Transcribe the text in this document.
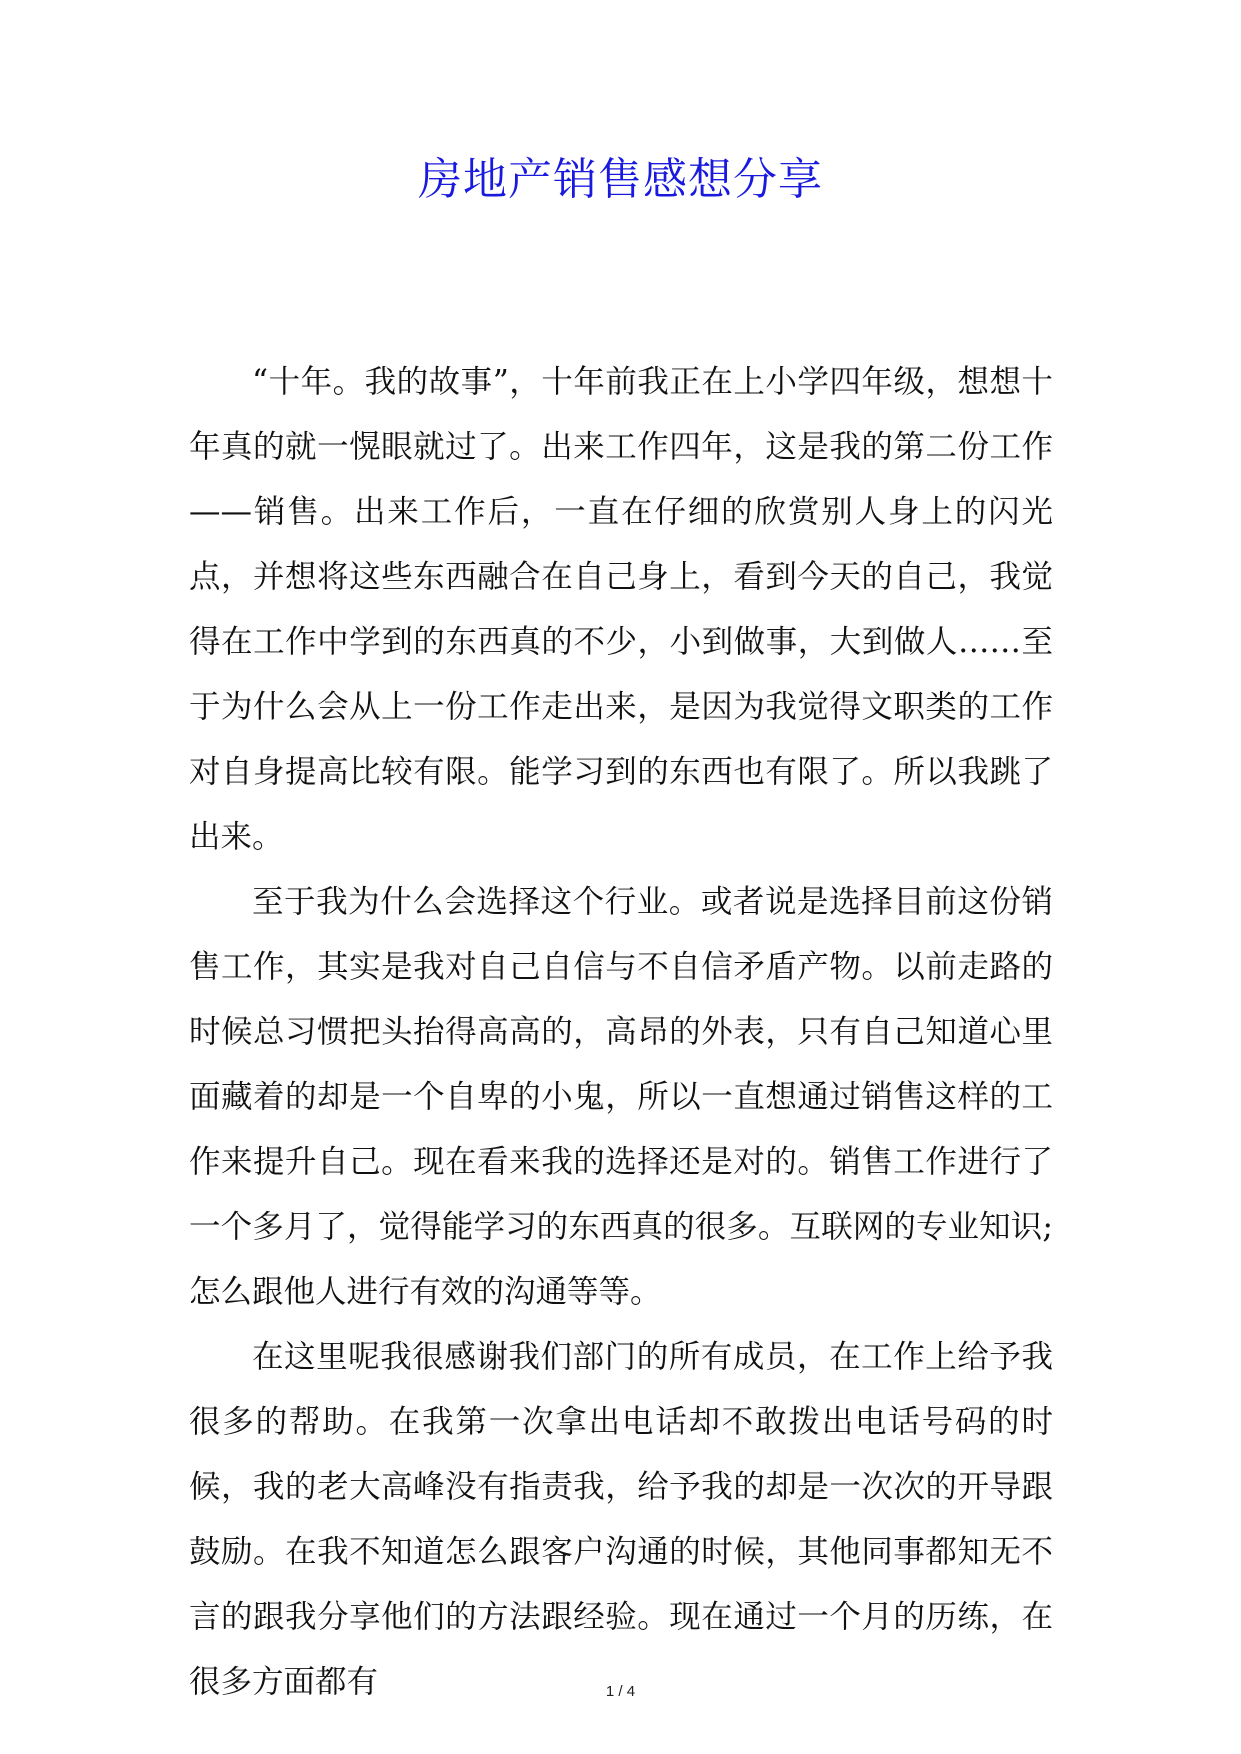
房地产销售感想分享

“十年。我的故事”，十年前我正在上小学四年级，想想十年真的就一愰眼就过了。出来工作四年，这是我的第二份工作——销售。出来工作后，一直在仔细的欣赏别人身上的闪光点，并想将这些东西融合在自己身上，看到今天的自己，我觉得在工作中学到的东西真的不少，小到做事，大到做人……至于为什么会从上一份工作走出来，是因为我觉得文职类的工作对自身提高比较有限。能学习到的东西也有限了。所以我跳了出来。

至于我为什么会选择这个行业。或者说是选择目前这份销售工作，其实是我对自己自信与不自信矛盾产物。以前走路的时候总习惯把头抬得高高的，高昂的外表，只有自己知道心里面藏着的却是一个自卑的小鬼，所以一直想通过销售这样的工作来提升自己。现在看来我的选择还是对的。销售工作进行了一个多月了，觉得能学习的东西真的很多。互联网的专业知识;怎么跟他人进行有效的沟通等等。

在这里呢我很感谢我们部门的所有成员，在工作上给予我很多的帮助。在我第一次拿出电话却不敢拨出电话号码的时候，我的老大高峰没有指责我，给予我的却是一次次的开导跟鼓励。在我不知道怎么跟客户沟通的时候，其他同事都知无不言的跟我分享他们的方法跟经验。现在通过一个月的历练，在很多方面都有	1 / 4
